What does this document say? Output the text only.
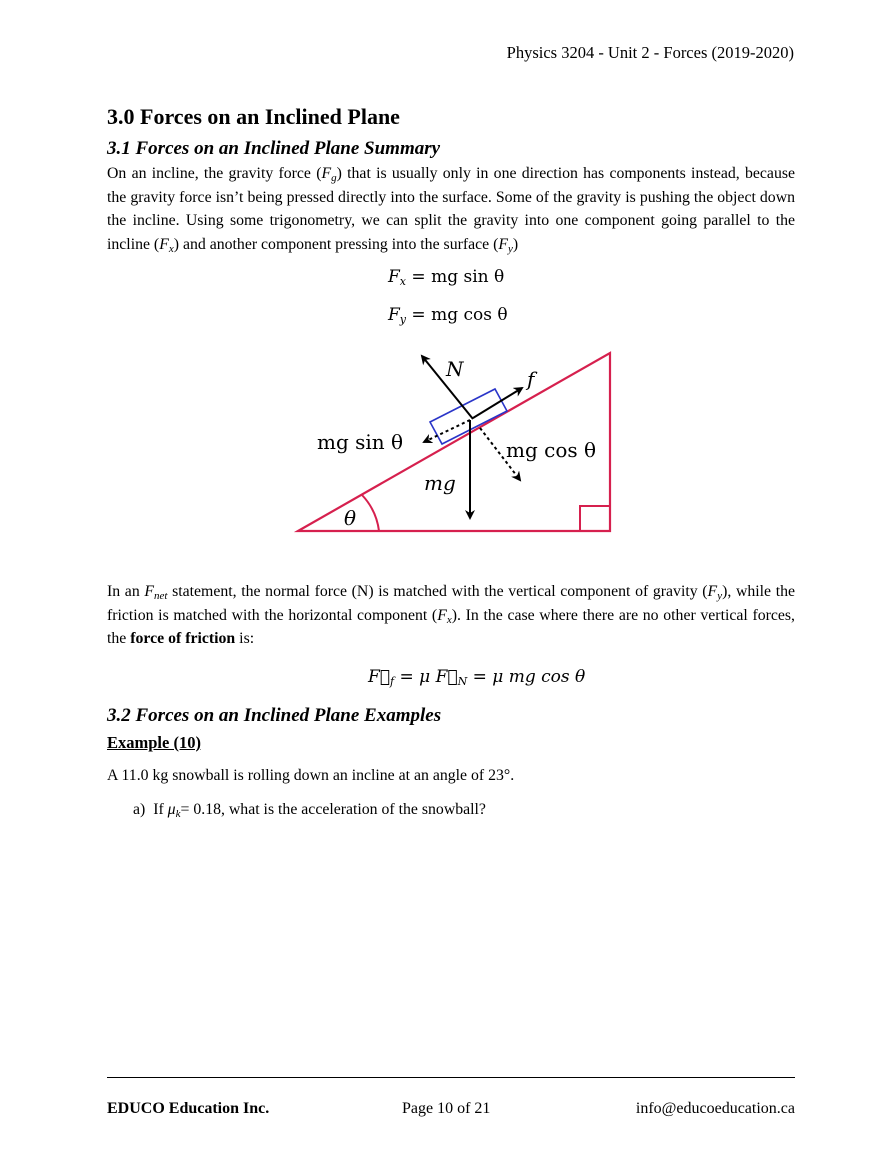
Physics 3204 - Unit 2 - Forces (2019-2020)
3.0 Forces on an Inclined Plane
3.1 Forces on an Inclined Plane Summary
On an incline, the gravity force $(F_g)$ that is usually only in one direction has components instead, because the gravity force isn’t being pressed directly into the surface. Some of the gravity is pushing the object down the incline. Using some trigonometry, we can split the gravity into one component going parallel to the incline $(F_x)$ and another component pressing into the surface $(F_y)$
$F_x$ = mg sin θ
$F_y$ = mg cos θ
N	f
mg
mg sin θ	mg cos θ
θ
In an $F_{net}$ statement, the normal force (N) is matched with the vertical component of gravity $(F_y)$, while the friction is matched with the horizontal component $(F_x)$. In the case where there are no other vertical forces, the force of friction is:
$F⃗_f = \mu$ $F⃗_N = \mu$ mg cos θ
3.2 Forces on an Inclined Plane Examples
Example (10)
A 11.0 kg snowball is rolling down an incline at an angle of 23°.
a) If $\mu_k= 0.18$, what is the acceleration of the snowball?
EDUCO Education Inc.	Page 10 of 21	info@educoeducation.ca
